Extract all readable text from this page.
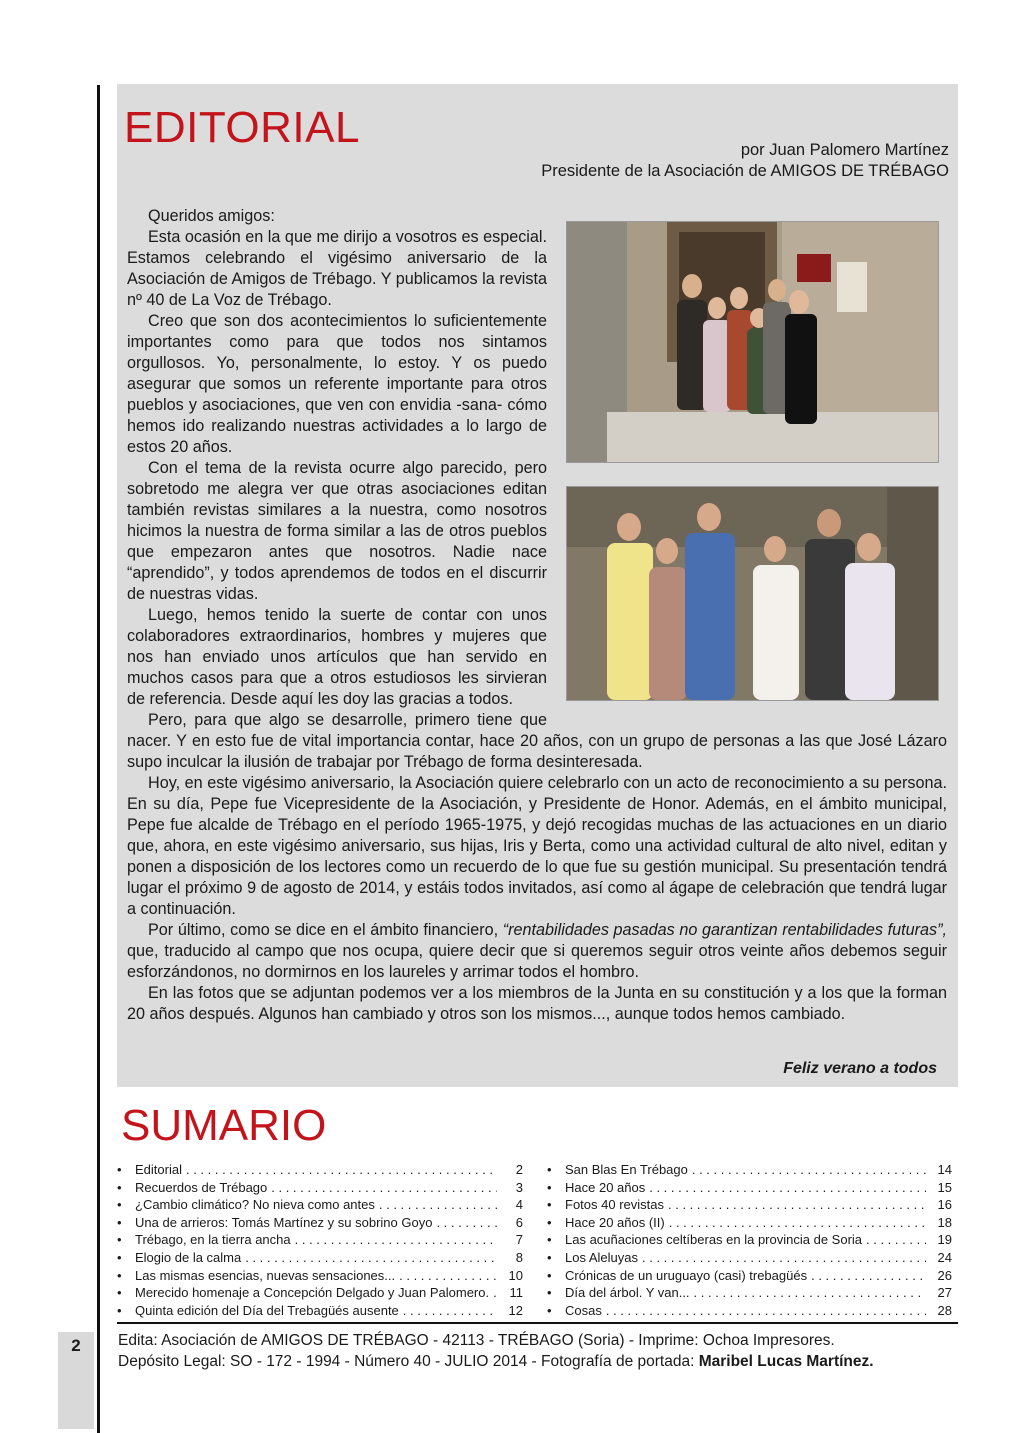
2
EDITORIAL	por Juan Palomero Martínez
Presidente de la Asociación de AMIGOS DE TRÉBAGO

Queridos amigos:

Esta ocasión en la que me dirijo a vosotros es especial. Estamos celebrando el vigésimo aniversario de la Asociación de Amigos de Trébago. Y publicamos la revista nº 40 de La Voz de Trébago.

Creo que son dos acontecimientos lo suficientemente importantes como para que todos nos sintamos orgullosos. Yo, personalmente, lo estoy. Y os puedo asegurar que somos un referente importante para otros pueblos y asociaciones, que ven con envidia -sana- cómo hemos ido realizando nuestras actividades a lo largo de estos 20 años.

Con el tema de la revista ocurre algo parecido, pero sobretodo me alegra ver que otras asociaciones editan también revistas similares a la nuestra, como nosotros hicimos la nuestra de forma similar a las de otros pueblos que empezaron antes que nosotros. Nadie nace “aprendido”, y todos aprendemos de todos en el discurrir de nuestras vidas.

Luego, hemos tenido la suerte de contar con unos colaboradores extraordinarios, hombres y mujeres que nos han enviado unos artículos que han servido en muchos casos para que a otros estudiosos les sirvieran de referencia. Desde aquí les doy las gracias a todos.

Pero, para que algo se desarrolle, primero tiene que nacer. Y en esto fue de vital importancia contar, hace 20 años, con un grupo de personas a las que José Lázaro supo inculcar la ilusión de trabajar por Trébago de forma desinteresada.

Hoy, en este vigésimo aniversario, la Asociación quiere celebrarlo con un acto de reconocimiento a su persona. En su día, Pepe fue Vicepresidente de la Asociación, y Presidente de Honor. Además, en el ámbito municipal, Pepe fue alcalde de Trébago en el período 1965-1975, y dejó recogidas muchas de las actuaciones en un diario que, ahora, en este vigésimo aniversario, sus hijas, Iris y Berta, como una actividad cultural de alto nivel, editan y ponen a disposición de los lectores como un recuerdo de lo que fue su gestión municipal. Su presentación tendrá lugar el próximo 9 de agosto de 2014, y estáis todos invitados, así como al ágape de celebración que tendrá lugar a continuación.

Por último, como se dice en el ámbito financiero, “rentabilidades pasadas no garantizan rentabilidades futuras”, que, traducido al campo que nos ocupa, quiere decir que si queremos seguir otros veinte años debemos seguir esforzándonos, no dormirnos en los laureles y arrimar todos el hombro.

En las fotos que se adjuntan podemos ver a los miembros de la Junta en su constitución y a los que la forman 20 años después. Algunos han cambiado y otros son los mismos..., aunque todos hemos cambiado.

Feliz verano a todos
SUMARIO
•	Editorial . . .	2
•	Recuerdos de Trébago . . .	3
•	¿Cambio climático? No nieva como antes . . .	4
•	Una de arrieros: Tomás Martínez y su sobrino Goyo . . .	6
•	Trébago, en la tierra ancha . . .	7
•	Elogio de la calma . . .	8
•	Las mismas esencias, nuevas sensaciones... . . .	10
•	Merecido homenaje a Concepción Delgado y Juan Palomero. . . .	11
•	Quinta edición del Día del Trebagüés ausente . . .	12
•	San Blas En Trébago . . .	14
•	Hace 20 años . . .	15
•	Fotos 40 revistas . . .	16
•	Hace 20 años (II) . . .	18
•	Las acuñaciones celtíberas en la provincia de Soria . . .	19
•	Los Aleluyas . . .	24
•	Crónicas de un uruguayo (casi) trebagüés . . .	26
•	Día del árbol. Y van... . . .	27
•	Cosas . . .	28
Edita: Asociación de AMIGOS DE TRÉBAGO - 42113 - TRÉBAGO (Soria) - Imprime: Ochoa Impresores.
Depósito Legal: SO - 172 - 1994 - Número 40 - JULIO 2014 - Fotografía de portada: Maribel Lucas Martínez.
